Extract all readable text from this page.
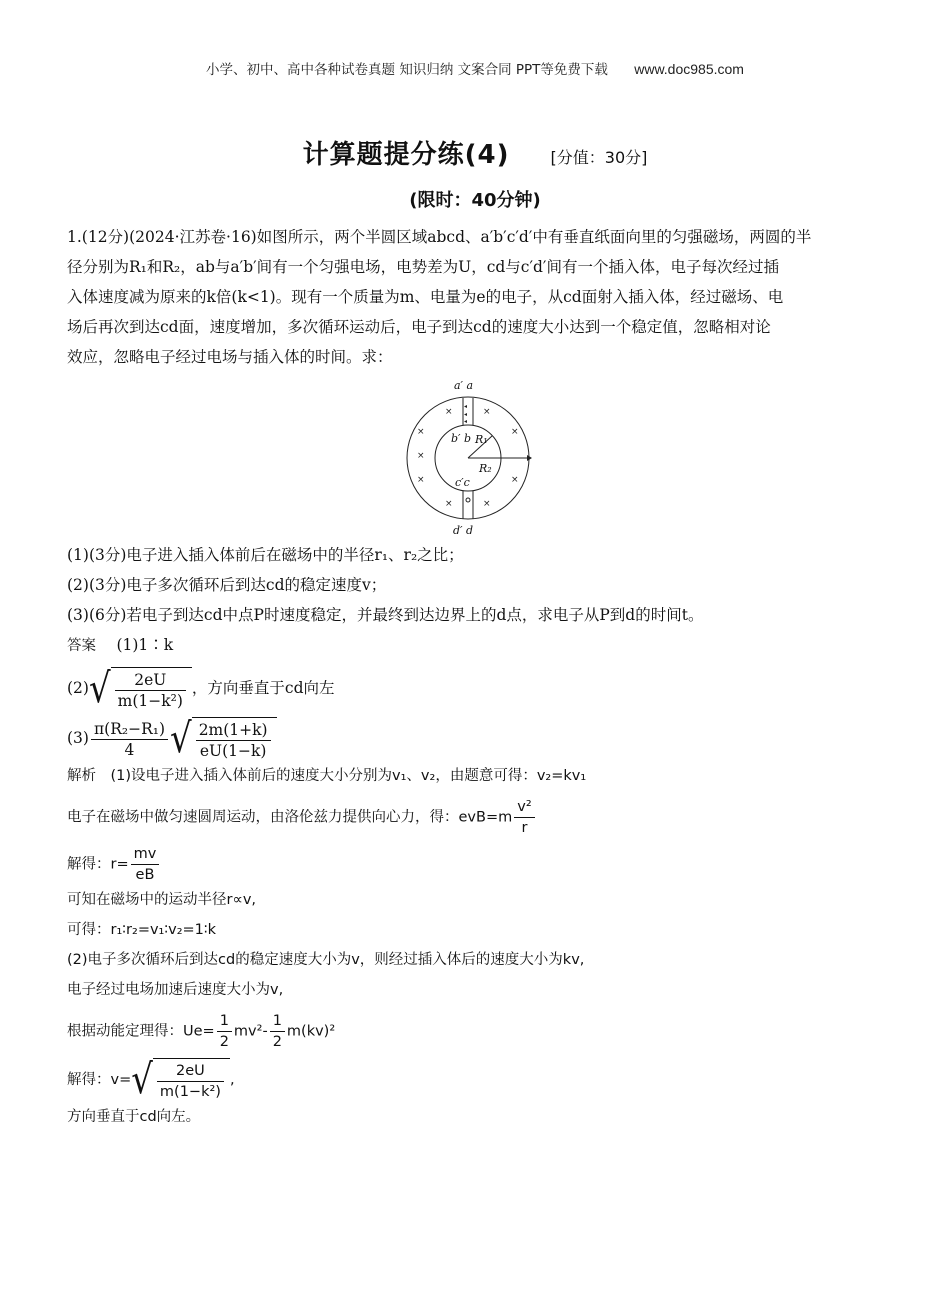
小学、初中、高中各种试卷真题 知识归纳 文案合同 PPT等免费下载 www.doc985.com
计算题提分练(4)	[分值：30分]
(限时：40分钟)

1.(12分)(2024·江苏卷·16)如图所示，两个半圆区域abcd、a′b′c′d′中有垂直纸面向里的匀强磁场，两圆的半

径分别为R₁和R₂，ab与a′b′间有一个匀强电场，电势差为U，cd与c′d′间有一个插入体，电子每次经过插

入体速度减为原来的k倍(k<1)。现有一个质量为m、电量为e的电子，从cd面射入插入体，经过磁场、电

场后再次到达cd面，速度增加，多次循环运动后，电子到达cd的速度大小达到一个稳定值，忽略相对论

效应，忽略电子经过电场与插入体的时间。求：

◂
◂
◂
a′ a
d′ d
b′ b
c′c
R₁
R₂
×	×
×	×
×
×	×
×	×

(1)(3分)电子进入插入体前后在磁场中的半径r₁、r₂之比；

(2)(3分)电子多次循环后到达cd的稳定速度v；

(3)(6分)若电子到达cd中点P时速度稳定，并最终到达边界上的d点，求电子从P到d的时间t。

答案　 (1)1∶k

$(2)√ \frac{2eU}{\text{m(1−k²)}}$ ，方向垂直于cd向左

$(3) \frac{\text{π(R₂−R₁)}}{4}$ √ $\frac{2m(1+k)}{eU(1-k)}$

解析　(1)设电子进入插入体前后的速度大小分别为v₁、v₂，由题意可得：v₂=kv₁

电子在磁场中做匀速圆周运动，由洛伦兹力提供向心力，得：$evB=m \frac{\text{v²}}{r}$

解得：$r= \frac{mv}{eB}$

可知在磁场中的运动半径r∝v,

可得：r₁∶r₂=v₁∶v₂=1∶k

(2)电子多次循环后到达cd的稳定速度大小为v，则经过插入体后的速度大小为kv,

电子经过电场加速后速度大小为v,

根据动能定理得：$Ue= \frac{1}{2} mv^2- \frac{1}{2} m(kv)^2$

解得：$v=√ \frac{2eU}{\text{m(1−k²)}}$ ,

方向垂直于cd向左。
